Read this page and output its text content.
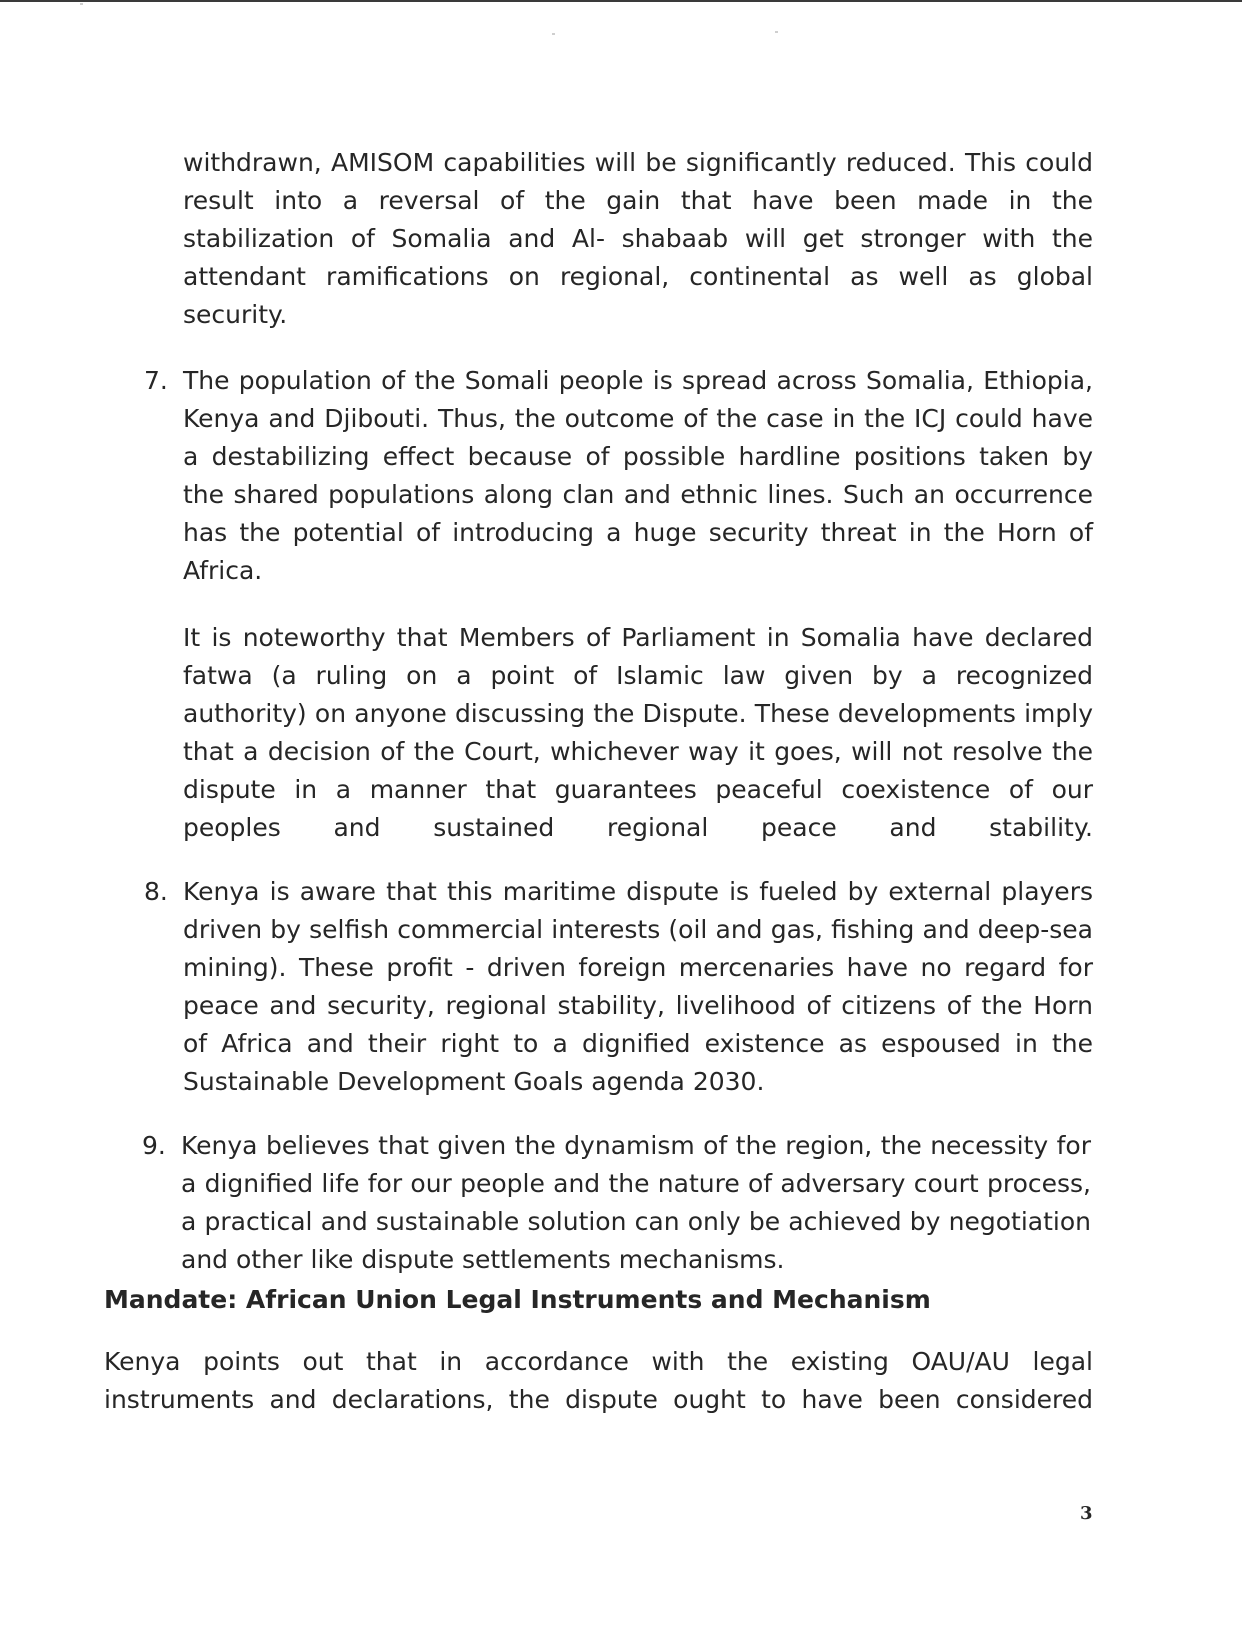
withdrawn, AMISOM capabilities will be significantly reduced. This could result into a reversal of the gain that have been made in the stabilization of Somalia and Al- shabaab will get stronger with the attendant ramifications on regional, continental as well as global security.

7. The population of the Somali people is spread across Somalia, Ethiopia, Kenya and Djibouti. Thus, the outcome of the case in the ICJ could have a destabilizing effect because of possible hardline positions taken by the shared populations along clan and ethnic lines. Such an occurrence has the potential of introducing a huge security threat in the Horn of Africa.

It is noteworthy that Members of Parliament in Somalia have declared fatwa (a ruling on a point of Islamic law given by a recognized authority) on anyone discussing the Dispute. These developments imply that a decision of the Court, whichever way it goes, will not resolve the dispute in a manner that guarantees peaceful coexistence of our peoples and sustained regional peace and stability.

8. Kenya is aware that this maritime dispute is fueled by external players driven by selfish commercial interests (oil and gas, fishing and deep-sea mining). These profit - driven foreign mercenaries have no regard for peace and security, regional stability, livelihood of citizens of the Horn of Africa and their right to a dignified existence as espoused in the Sustainable Development Goals agenda 2030.

9. Kenya believes that given the dynamism of the region, the necessity for a dignified life for our people and the nature of adversary court process, a practical and sustainable solution can only be achieved by negotiation and other like dispute settlements mechanisms.

Mandate: African Union Legal Instruments and Mechanism

Kenya points out that in accordance with the existing OAU/AU legal instruments and declarations, the dispute ought to have been considered

3
